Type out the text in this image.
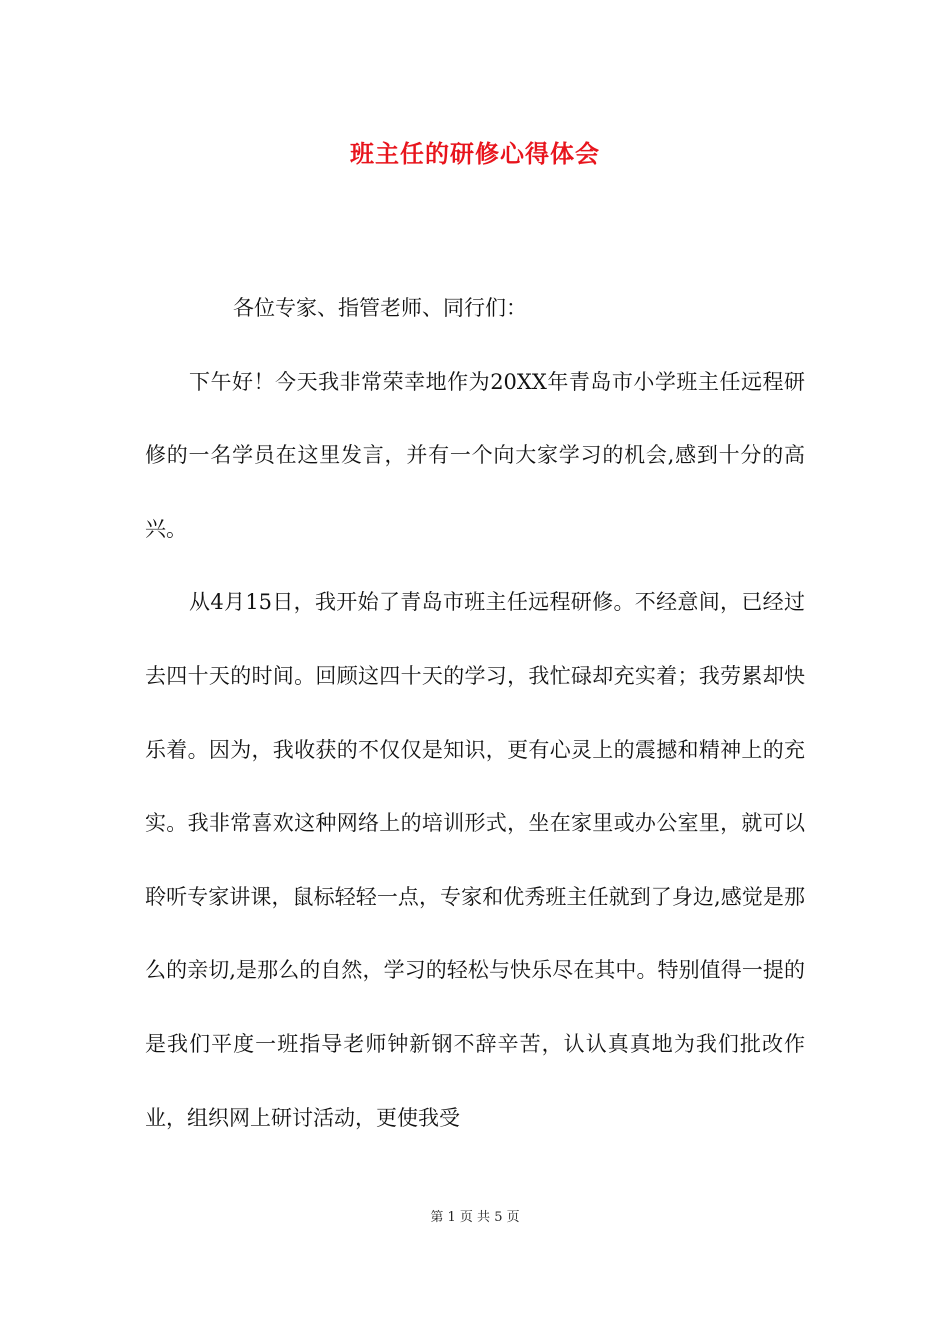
班主任的研修心得体会

各位专家、指管老师、同行们：

下午好！今天我非常荣幸地作为20XX年青岛市小学班主任远程研修的一名学员在这里发言，并有一个向大家学习的机会,感到十分的高兴。

从4月15日，我开始了青岛市班主任远程研修。不经意间，已经过去四十天的时间。回顾这四十天的学习，我忙碌却充实着；我劳累却快乐着。因为，我收获的不仅仅是知识，更有心灵上的震撼和精神上的充实。我非常喜欢这种网络上的培训形式，坐在家里或办公室里，就可以聆听专家讲课，鼠标轻轻一点，专家和优秀班主任就到了身边,感觉是那么的亲切,是那么的自然，学习的轻松与快乐尽在其中。特别值得一提的是我们平度一班指导老师钟新钢不辞辛苦，认认真真地为我们批改作业，组织网上研讨活动，更使我受

第 1 页 共 5 页
